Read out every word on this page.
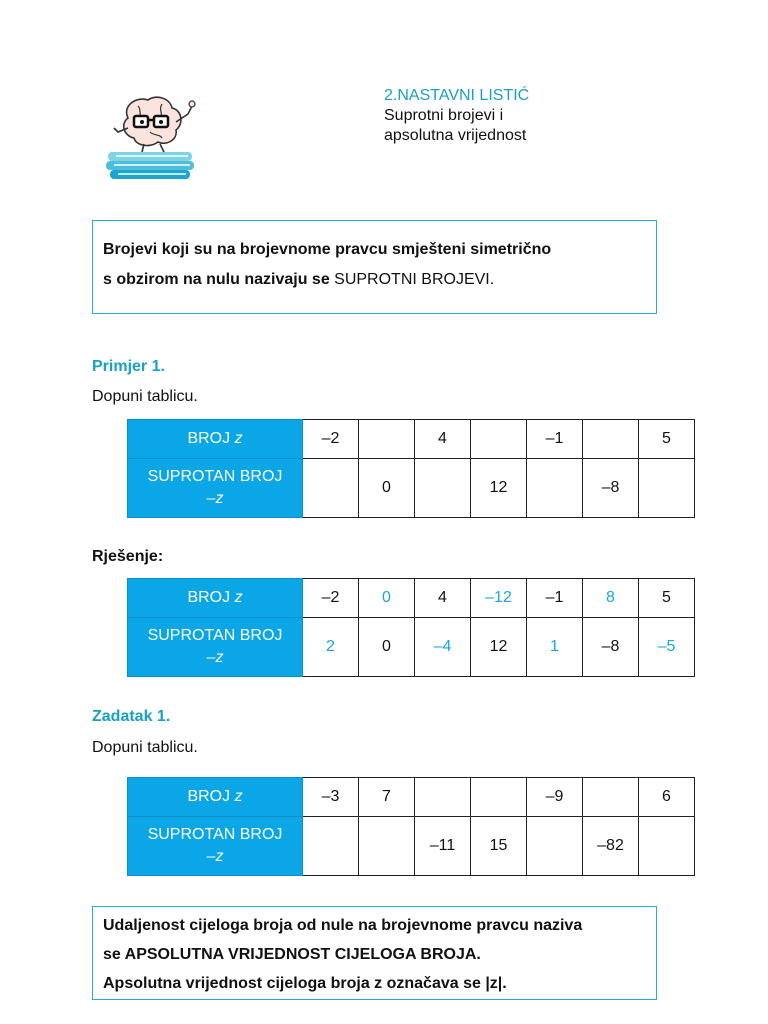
2.NASTAVNI LISTIĆ
Suprotni brojevi i
apsolutna vrijednost
Brojevi koji su na brojevnome pravcu smješteni simetrično
s obzirom na nulu nazivaju se SUPROTNI BROJEVI.
Primjer 1.
Dopuni tablicu.
BROJ z	–2		4		–1		5

SUPROTAN BROJ
–z		0		12		–8	
Rješenje:
BROJ z	–2	0	4	–12	–1	8	5

SUPROTAN BROJ
–z	2	0	–4	12	1	–8	–5
Zadatak 1.
Dopuni tablicu.
BROJ z	–3	7			–9		6

SUPROTAN BROJ
–z			–11	15		–82	
Udaljenost cijeloga broja od nule na brojevnome pravcu naziva
se APSOLUTNA VRIJEDNOST CIJELOGA BROJA.
Apsolutna vrijednost cijeloga broja z označava se |z|.
